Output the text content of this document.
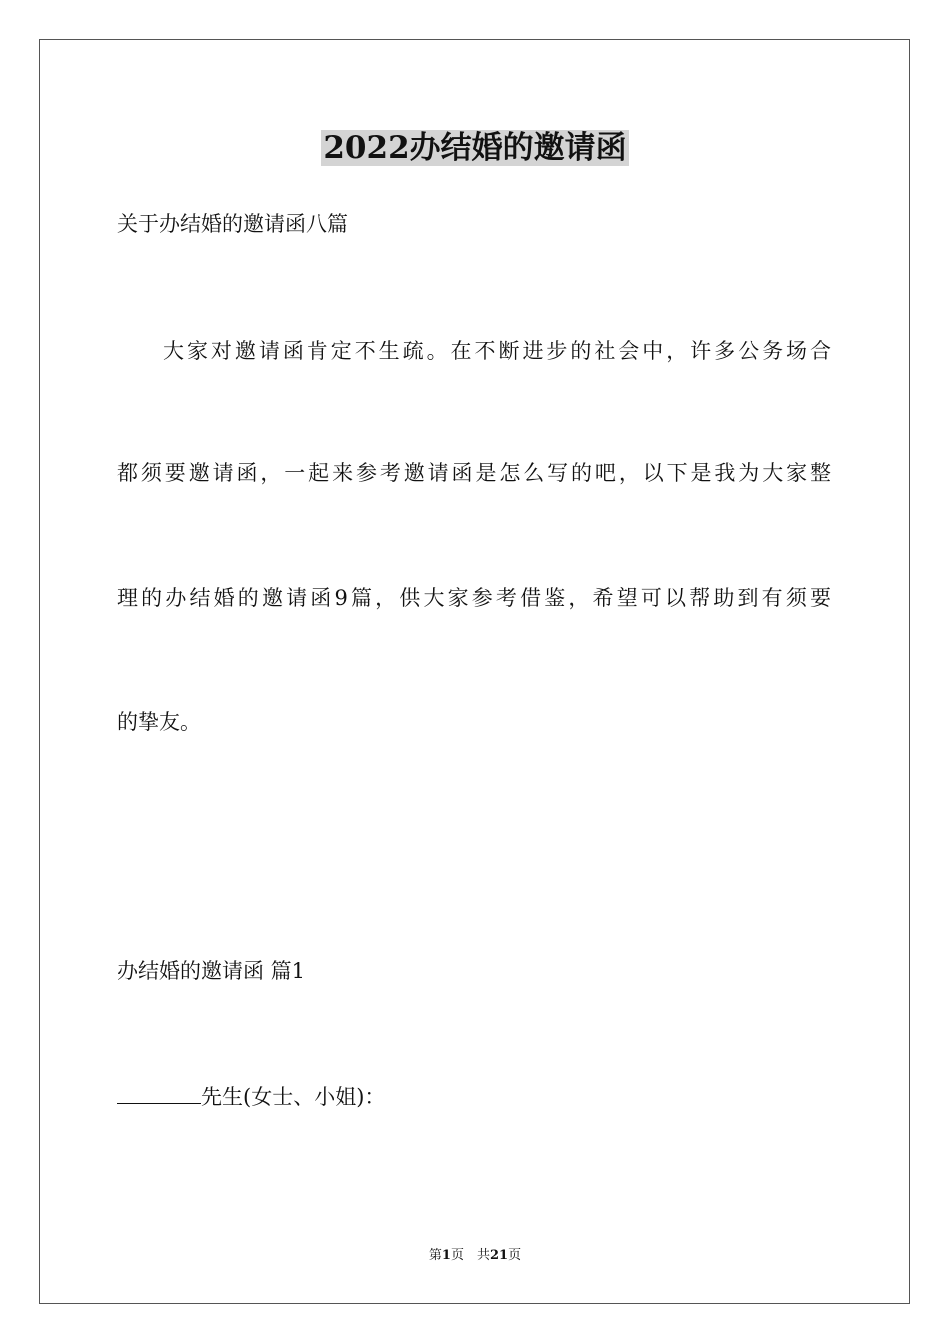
2022办结婚的邀请函
关于办结婚的邀请函八篇
大家对邀请函肯定不生疏。在不断进步的社会中，许多公务场合
都须要邀请函，一起来参考邀请函是怎么写的吧，以下是我为大家整
理的办结婚的邀请函9篇，供大家参考借鉴，希望可以帮助到有须要
的挚友。
办结婚的邀请函 篇1
先生(女士、小姐)：
第1页　共21页
